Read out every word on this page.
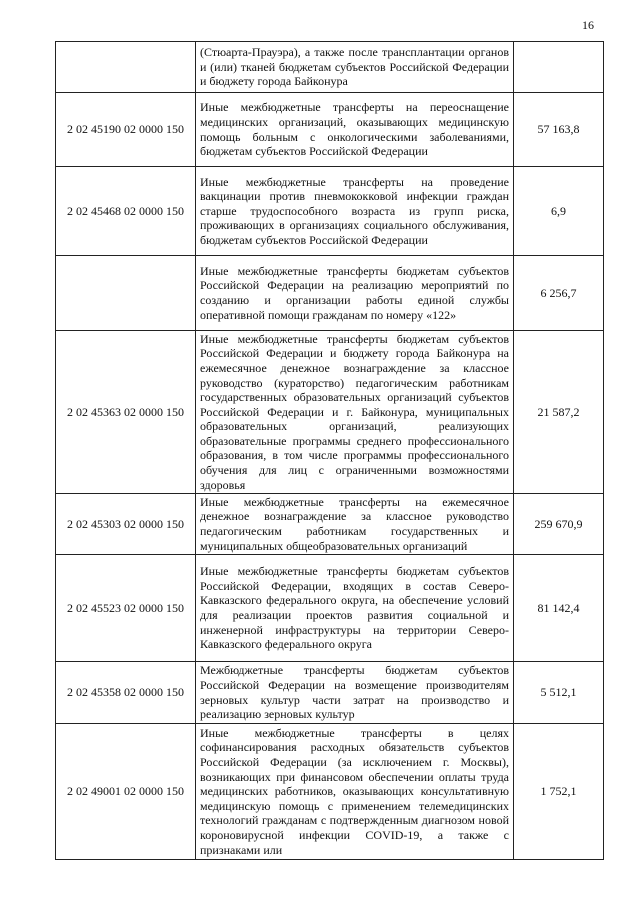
16
	(Стюарта-Прауэра), а также после трансплантации органов и (или) тканей бюджетам субъектов Российской Федерации и бюджету города Байконура	
2 02 45190 02 0000 150	Иные межбюджетные трансферты на переоснащение медицинских организаций, оказывающих медицинскую помощь больным с онкологическими заболеваниями, бюджетам субъектов Российской Федерации	57 163,8
2 02 45468 02 0000 150	Иные межбюджетные трансферты на проведение вакцинации против пневмококковой инфекции граждан старше трудоспособного возраста из групп риска, проживающих в организациях социального обслуживания, бюджетам субъектов Российской Федерации	6,9
	Иные межбюджетные трансферты бюджетам субъектов Российской Федерации на реализацию мероприятий по созданию и организации работы единой службы оперативной помощи гражданам по номеру «122»	6 256,7
2 02 45363 02 0000 150	Иные межбюджетные трансферты бюджетам субъектов Российской Федерации и бюджету города Байконура на ежемесячное денежное вознаграждение за классное руководство (кураторство) педагогическим работникам государственных образовательных организаций субъектов Российской Федерации и г. Байконура, муниципальных образовательных организаций, реализующих образовательные программы среднего профессионального образования, в том числе программы профессионального обучения для лиц с ограниченными возможностями здоровья	21 587,2
2 02 45303 02 0000 150	Иные межбюджетные трансферты на ежемесячное денежное вознаграждение за классное руководство педагогическим работникам государственных и муниципальных общеобразовательных организаций	259 670,9
2 02 45523 02 0000 150	Иные межбюджетные трансферты бюджетам субъектов Российской Федерации, входящих в состав Северо-Кавказского федерального округа, на обеспечение условий для реализации проектов развития социальной и инженерной инфраструктуры на территории Северо-Кавказского федерального округа	81 142,4
2 02 45358 02 0000 150	Межбюджетные трансферты бюджетам субъектов Российской Федерации на возмещение производителям зерновых культур части затрат на производство и реализацию зерновых культур	5 512,1
2 02 49001 02 0000 150	Иные межбюджетные трансферты в целях софинансирования расходных обязательств субъектов Российской Федерации (за исключением г. Москвы), возникающих при финансовом обеспечении оплаты труда медицинских работников, оказывающих консультативную медицинскую помощь с применением телемедицинских технологий гражданам с подтвержденным диагнозом новой короновирусной инфекции COVID-19, а также с признаками или	1 752,1
